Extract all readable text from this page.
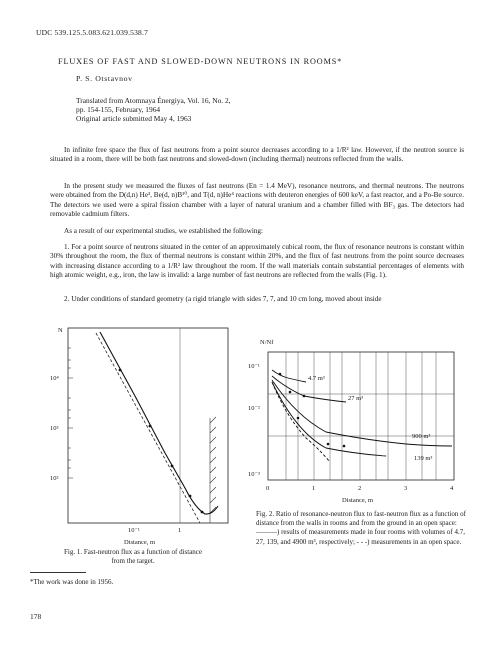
UDC 539.125.5.083.621.039.538.7
FLUXES OF FAST AND SLOWED-DOWN NEUTRONS IN ROOMS*
P. S. Otstavnov
Translated from Atomnaya Énergiya, Vol. 16, No. 2,
pp. 154-155, February, 1964
Original article submitted May 4, 1963

In infinite free space the flux of fast neutrons from a point source decreases according to a 1/R² law. However, if the neutron source is situated in a room, there will be both fast neutrons and slowed-down (including thermal) neutrons reflected from the walls.

In the present study we measured the fluxes of fast neutrons (En = 1.4 MeV), resonance neutrons, and thermal neutrons. The neutrons were obtained from the D(d,n) He³, Be(d, n)B¹⁰, and T(d, n)He⁴ reactions with deuteron energies of 600 keV, a fast reactor, and a Po-Be source. The detectors we used were a spiral fission chamber with a layer of natural uranium and a chamber filled with BF₃ gas. The detectors had removable cadmium filters.

As a result of our experimental studies, we established the following:

1. For a point source of neutrons situated in the center of an approximately cubical room, the flux of resonance neutrons is constant within 30% throughout the room, the flux of thermal neutrons is constant within 20%, and the flux of fast neutrons from the point source decreases with increasing distance according to a 1/R² law throughout the room. If the wall materials contain substantial percentages of elements with high atomic weight, e.g., iron, the law is invalid: a large number of fast neutrons are reflected from the walls (Fig. 1).

2. Under conditions of standard geometry (a rigid triangle with sides 7, 7, and 10 cm long, moved about inside

N
10⁴
10³
10²
10⁻¹	1
Distance, m
Fig. 1. Fast-neutron flux as a function of distance from the target.
N/Nf
10⁻¹
10⁻²
10⁻³
0	1	2	3	4
Distance, m
4.7 m³
27 m³
900 m³
139 m³
Fig. 2. Ratio of resonance-neutron flux to fast-neutron flux as a function of distance from the walls in rooms and from the ground in an open space: ———) results of measurements made in four rooms with volumes of 4.7, 27, 139, and 4900 m³, respectively; - - -) measurements in an open space.
*The work was done in 1956.
178
